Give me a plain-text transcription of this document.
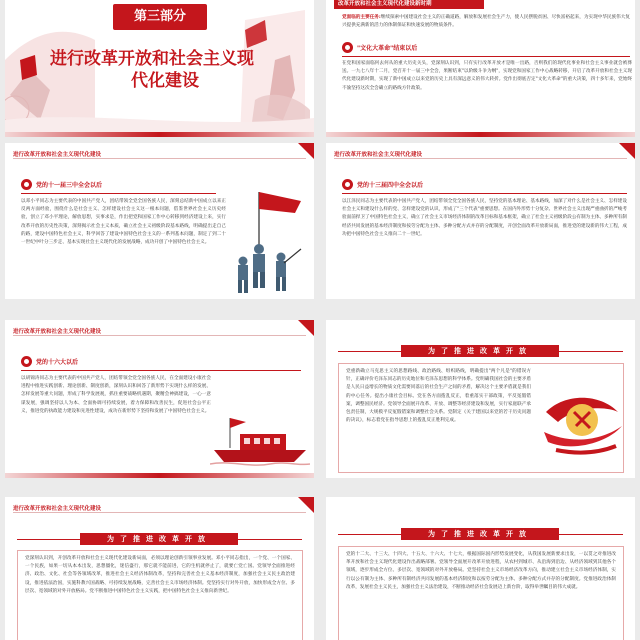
第三部分
进行改革开放和社会主义现
代化建设
改革开放和社会主义现代化建设新时期
党面临的主要任务:继续探索中国建设社会主义的正确道路，解放和发展社会生产力，使人民摆脱贫困、尽快富裕起来，为实现中华民族伟大复兴提供充满新的活力的体制保证和快速发展的物质条件。
"文化大革命"结束以后
在党和国家面临何去何从的重大历史关头，党深刻认识到，只有实行改革开放才是唯一出路，否则我们的现代化事业和社会主义事业就会被葬送。一九七八年十二月，党召开十一届三中全会，果断结束"以阶级斗争为纲"，实现党和国家工作中心战略转移，开启了改革开放和社会主义现代化建设新时期，实现了新中国成立以来党的历史上具有深远意义的伟大转折。党作出彻底否定"文化大革命"的重大决策，四十多年来，党始终不渝坚持这次全会确立的路线方针政策。
进行改革开放和社会主义现代化建设
党的十一届三中全会以后
以邓小平同志为主要代表的中国共产党人，团结带领全党全国各族人民，深刻总结新中国成立以来正反两方面经验，围绕什么是社会主义、怎样建设社会主义这一根本问题，借鉴世界社会主义历史经验，创立了邓小平理论，解放思想，实事求是，作出把党和国家工作中心转移到经济建设上来，实行改革开放的历史性决策，深刻揭示社会主义本质，确立社会主义初级阶段基本路线，明确提出走自己的路，建设中国特色社会主义，科学回答了建设中国特色社会主义的一系列基本问题，制定了到二十一世纪中叶分三步走、基本实现社会主义现代化的发展战略，成功开创了中国特色社会主义。
进行改革开放和社会主义现代化建设
党的十三届四中全会以后
以江泽民同志为主要代表的中国共产党人，团结带领全党全国各族人民，坚持党的基本理论、基本路线，加深了对什么是社会主义、怎样建设社会主义和建设什么样的党、怎样建设党的认识，形成了"三个代表"重要思想。在国内外形势十分复杂、世界社会主义出现严重曲折的严峻考验面前捍卫了中国特色社会主义，确立了社会主义市场经济体制的改革目标和基本框架，确立了社会主义初级阶段公有制为主体、多种所有制经济共同发展的基本经济制度和按劳分配为主体、多种分配方式并存的分配制度，开创全面改革开放新局面，推进党的建设新的伟大工程，成功把中国特色社会主义推向二十一世纪。
进行改革开放和社会主义现代化建设
党的十六大以后
以胡锦涛同志为主要代表的中国共产党人，团结带领全党全国各族人民，在全面建设小康社会进程中推进实践创新、理论创新、制度创新，深刻认识和回答了新形势下实现什么样的发展、怎样发展等重大问题，形成了科学发展观，抓住重要战略机遇期，聚精会神搞建设，一心一意谋发展，强调坚持以人为本、全面协调可持续发展，着力保障和改善民生，促进社会公平正义，推进党的执政能力建设和先进性建设，成功在新形势下坚持和发展了中国特色社会主义。
为了推进改革开放
党重新确立马克思主义的思想路线、政治路线、组织路线，明确提出"两个凡是"的错误方针，正确评价毛泽东同志的历史地位和毛泽东思想的科学体系。党明确我国社会的主要矛盾是人民日益增长的物质文化需要同落后的社会生产之间的矛盾，解决这个主要矛盾就是我们的中心任务。提出小康社会目标。党在各方面拨乱反正，着重落实干部政策，平反冤假错案，调整国民经济。党领导全面展开改革、开放、调整等经济建设和发展，实行家庭联产承包责任制，大规模平反冤假错案和调整社会关系。党制定《关于建国以来党的若干历史问题的决议》，标志着党在指导思想上的拨乱反正胜利完成。
进行改革开放和社会主义现代化建设
为了推进改革开放
党深刻认识到，开创改革开放和社会主义现代化建设新局面，必须以理论创新引领事业发展。邓小平同志指出，一个党、一个国家、一个民族，如果一切从本本出发，思想僵化，迷信盛行，那它就不能前进，它的生机就停止了，就要亡党亡国。党领导全面推进经济、政治、文化、社会等各领域改革，推进社会主义经济体制改革，坚持和完善社会主义基本经济制度，加强社会主义民主政治建设，推进依法治国，实施科教兴国战略、可持续发展战略，完善社会主义市场经济体制。党坚持实行对外开放，加快形成全方位、多层次、宽领域的对外开放格局。党不断推进中国特色社会主义实践，把中国特色社会主义推向新世纪。
为了推进改革开放
党的十二大、十三大、十四大、十五大、十六大、十七大，根据国际国内形势发展变化，从我国发展新要求出发，一以贯之对推进改革开放和社会主义现代化建设作出战略部署。党领导全面展开改革开放进程，从农村到城市、从沿海到沿边、从经济领域到其他各个领域，逐步形成全方位、多层次、宽领域的对外开放格局。党坚持社会主义市场经济改革方向，推动建立社会主义市场经济体制，实行以公有制为主体、多种所有制经济共同发展的基本经济制度和以按劳分配为主体、多种分配方式并存的分配制度。党推进政治体制改革，发展社会主义民主，加强社会主义法治建设，不断推动经济社会发展迈上新台阶，取得举世瞩目的伟大成就。
